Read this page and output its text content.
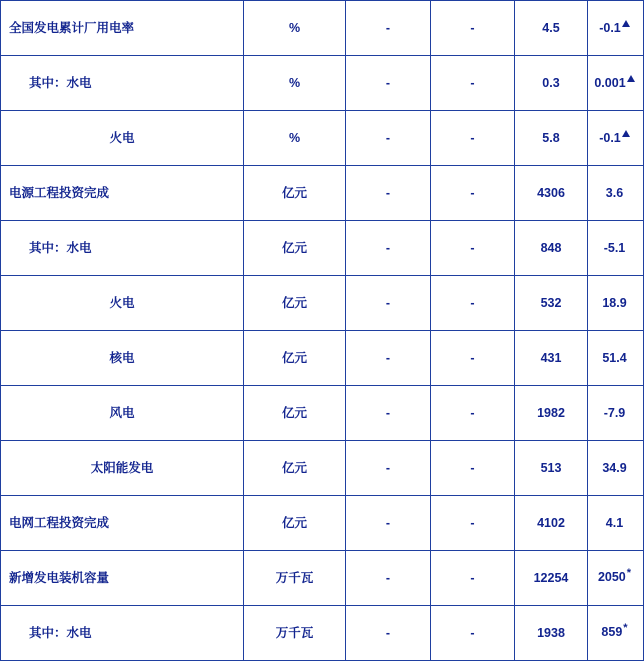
全国发电累计厂用电率	%	-	-	4.5	-0.1
其中：水电	%	-	-	0.3	0.001
火电	%	-	-	5.8	-0.1
电源工程投资完成	亿元	-	-	4306	3.6
其中：水电	亿元	-	-	848	-5.1
火电	亿元	-	-	532	18.9
核电	亿元	-	-	431	51.4
风电	亿元	-	-	1982	-7.9
太阳能发电	亿元	-	-	513	34.9
电网工程投资完成	亿元	-	-	4102	4.1
新增发电装机容量	万千瓦	-	-	12254	2050*
其中：水电	万千瓦	-	-	1938	859*
